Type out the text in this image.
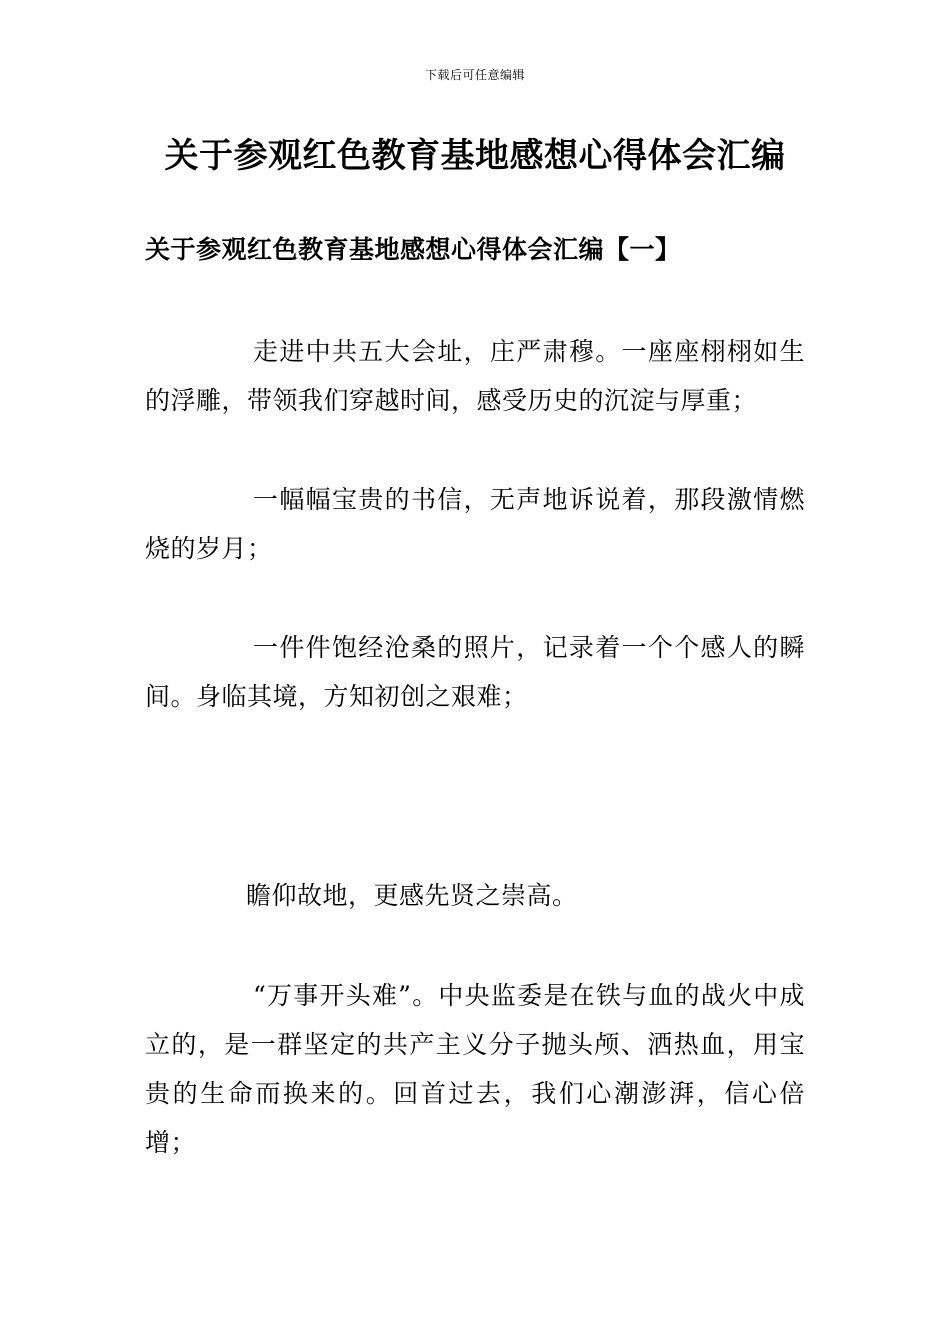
下载后可任意编辑
关于参观红色教育基地感想心得体会汇编
关于参观红色教育基地感想心得体会汇编【一】

走进中共五大会址，庄严肃穆。一座座栩栩如生的浮雕，带领我们穿越时间，感受历史的沉淀与厚重；

一幅幅宝贵的书信，无声地诉说着，那段激情燃烧的岁月；

一件件饱经沧桑的照片，记录着一个个感人的瞬间。身临其境，方知初创之艰难；

瞻仰故地，更感先贤之崇高。

“万事开头难”。中央监委是在铁与血的战火中成立的，是一群坚定的共产主义分子抛头颅、洒热血，用宝贵的生命而换来的。回首过去，我们心潮澎湃，信心倍增；
